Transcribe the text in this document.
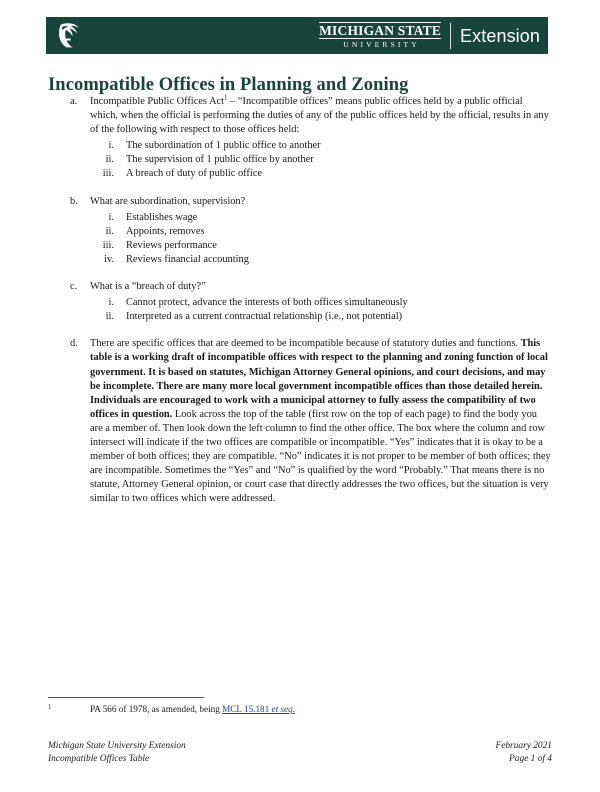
MICHIGAN STATE
UNIVERSITY	Extension
Incompatible Offices in Planning and Zoning
a.	Incompatible Public Offices Act$^1$ – “Incompatible offices” means public offices held by a public official which, when the official is performing the duties of any of the public offices held by the official, results in any of the following with respect to those offices held:

i. The subordination of 1 public office to another
ii. The supervision of 1 public office by another
iii. A breach of duty of public office
b.	What are subordination, supervision?

i. Establishes wage
ii. Appoints, removes
iii. Reviews performance
iv. Reviews financial accounting
c.	What is a “breach of duty?”

i. Cannot protect, advance the interests of both offices simultaneously
ii. Interpreted as a current contractual relationship (i.e., not potential)
d.	There are specific offices that are deemed to be incompatible because of statutory duties and functions. This table is a working draft of incompatible offices with respect to the planning and zoning function of local government. It is based on statutes, Michigan Attorney General opinions, and court decisions, and may be incomplete. There are many more local government incompatible offices than those detailed herein. Individuals are encouraged to work with a municipal attorney to fully assess the compatibility of two offices in question. Look across the top of the table (first row on the top of each page) to find the body you are a member of. Then look down the left column to find the other office. The box where the column and row intersect will indicate if the two offices are compatible or incompatible. “Yes” indicates that it is okay to be a member of both offices; they are compatible. “No” indicates it is not proper to be member of both offices; they are incompatible. Sometimes the “Yes” and “No” is qualified by the word “Probably.” That means there is no statute, Attorney General opinion, or court case that directly addresses the two offices, but the situation is very similar to two offices which were addressed.

1	PA 566 of 1978, as amended, being MCL 15.181 et seq.
Michigan State University Extension
Incompatible Offices Table
February 2021
Page 1 of 4
